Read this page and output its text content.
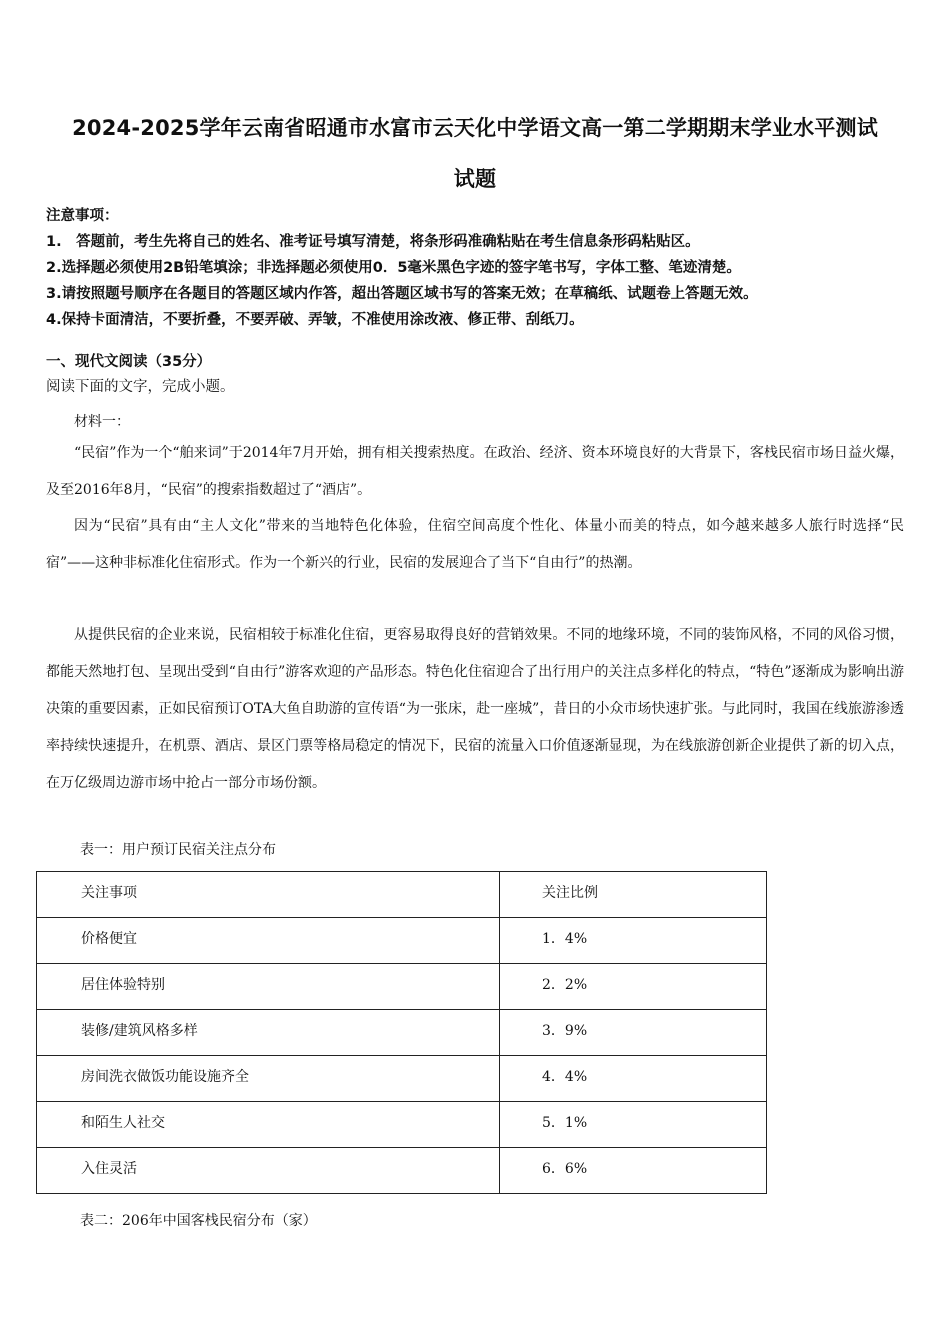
2024-2025学年云南省昭通市水富市云天化中学语文高一第二学期期末学业水平测试
试题
注意事项：
1.　答题前，考生先将自己的姓名、准考证号填写清楚，将条形码准确粘贴在考生信息条形码粘贴区。
2.选择题必须使用2B铅笔填涂；非选择题必须使用0．5毫米黑色字迹的签字笔书写，字体工整、笔迹清楚。
3.请按照题号顺序在各题目的答题区域内作答，超出答题区域书写的答案无效；在草稿纸、试题卷上答题无效。
4.保持卡面清洁，不要折叠，不要弄破、弄皱，不准使用涂改液、修正带、刮纸刀。
一、现代文阅读（35分）
阅读下面的文字，完成小题。

材料一：

“民宿”作为一个“舶来词”于2014年7月开始，拥有相关搜索热度。在政治、经济、资本环境良好的大背景下，客栈民宿市场日益火爆，及至2016年8月，“民宿”的搜索指数超过了“酒店”。

因为“民宿”具有由“主人文化”带来的当地特色化体验，住宿空间高度个性化、体量小而美的特点，如今越来越多人旅行时选择“民宿”——这种非标准化住宿形式。作为一个新兴的行业，民宿的发展迎合了当下“自由行”的热潮。

从提供民宿的企业来说，民宿相较于标准化住宿，更容易取得良好的营销效果。不同的地缘环境，不同的装饰风格，不同的风俗习惯，都能天然地打包、呈现出受到“自由行”游客欢迎的产品形态。特色化住宿迎合了出行用户的关注点多样化的特点，“特色”逐渐成为影响出游决策的重要因素，正如民宿预订OTA大鱼自助游的宣传语“为一张床，赴一座城”，昔日的小众市场快速扩张。与此同时，我国在线旅游渗透率持续快速提升，在机票、酒店、景区门票等格局稳定的情况下，民宿的流量入口价值逐渐显现，为在线旅游创新企业提供了新的切入点，在万亿级周边游市场中抢占一部分市场份额。

表一：用户预订民宿关注点分布
关注事项	关注比例
价格便宜	1．4%
居住体验特别	2．2%
装修/建筑风格多样	3．9%
房间洗衣做饭功能设施齐全	4．4%
和陌生人社交	5．1%
入住灵活	6．6%
表二：206年中国客栈民宿分布（家）
